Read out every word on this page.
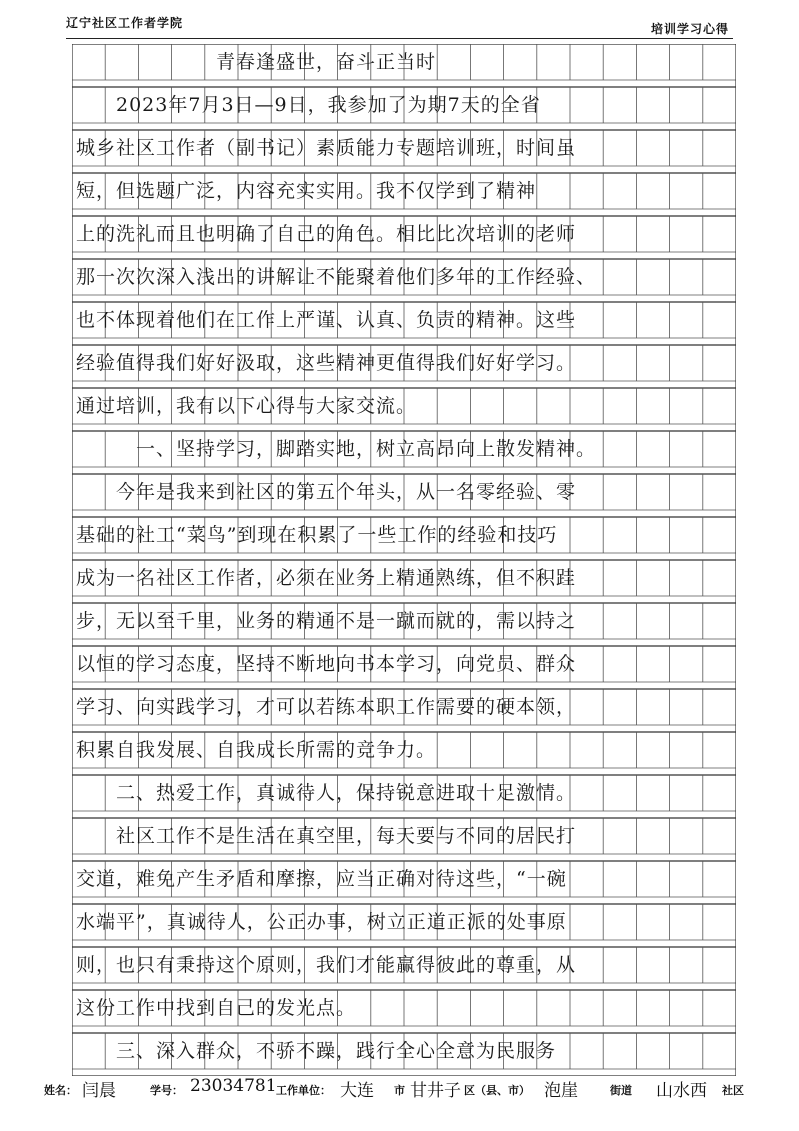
辽宁社区工作者学院	培训学习心得
青春逢盛世，奋斗正当时
2023年7月3日—9日，我参加了为期7天的全省
城乡社区工作者（副书记）素质能力专题培训班，时间虽
短，但选题广泛，内容充实实用。我不仅学到了精神
上的洗礼而且也明确了自己的角色。相比比次培训的老师
那一次次深入浅出的讲解让不能聚着他们多年的工作经验、
也不体现着他们在工作上严谨、认真、负责的精神。这些
经验值得我们好好汲取，这些精神更值得我们好好学习。
通过培训，我有以下心得与大家交流。
一、坚持学习，脚踏实地，树立高昂向上散发精神。
今年是我来到社区的第五个年头，从一名零经验、零
基础的社工“菜鸟”到现在积累了一些工作的经验和技巧
成为一名社区工作者，必须在业务上精通熟练，但不积跬
步，无以至千里，业务的精通不是一蹴而就的，需以持之
以恒的学习态度，坚持不断地向书本学习，向党员、群众
学习、向实践学习，才可以若练本职工作需要的硬本领，
积累自我发展、自我成长所需的竞争力。
二、热爱工作，真诚待人，保持锐意进取十足激情。
社区工作不是生活在真空里，每天要与不同的居民打
交道，难免产生矛盾和摩擦，应当正确对待这些，“一碗
水端平”，真诚待人，公正办事，树立正道正派的处事原
则，也只有秉持这个原则，我们才能赢得彼此的尊重，从
这份工作中找到自己的发光点。
三、深入群众，不骄不躁，践行全心全意为民服务
姓名： 闫晨	学号： 23034781 工作单位： 大连 市 甘井子 区（县、市） 泡崖	街道 山水西 社区
